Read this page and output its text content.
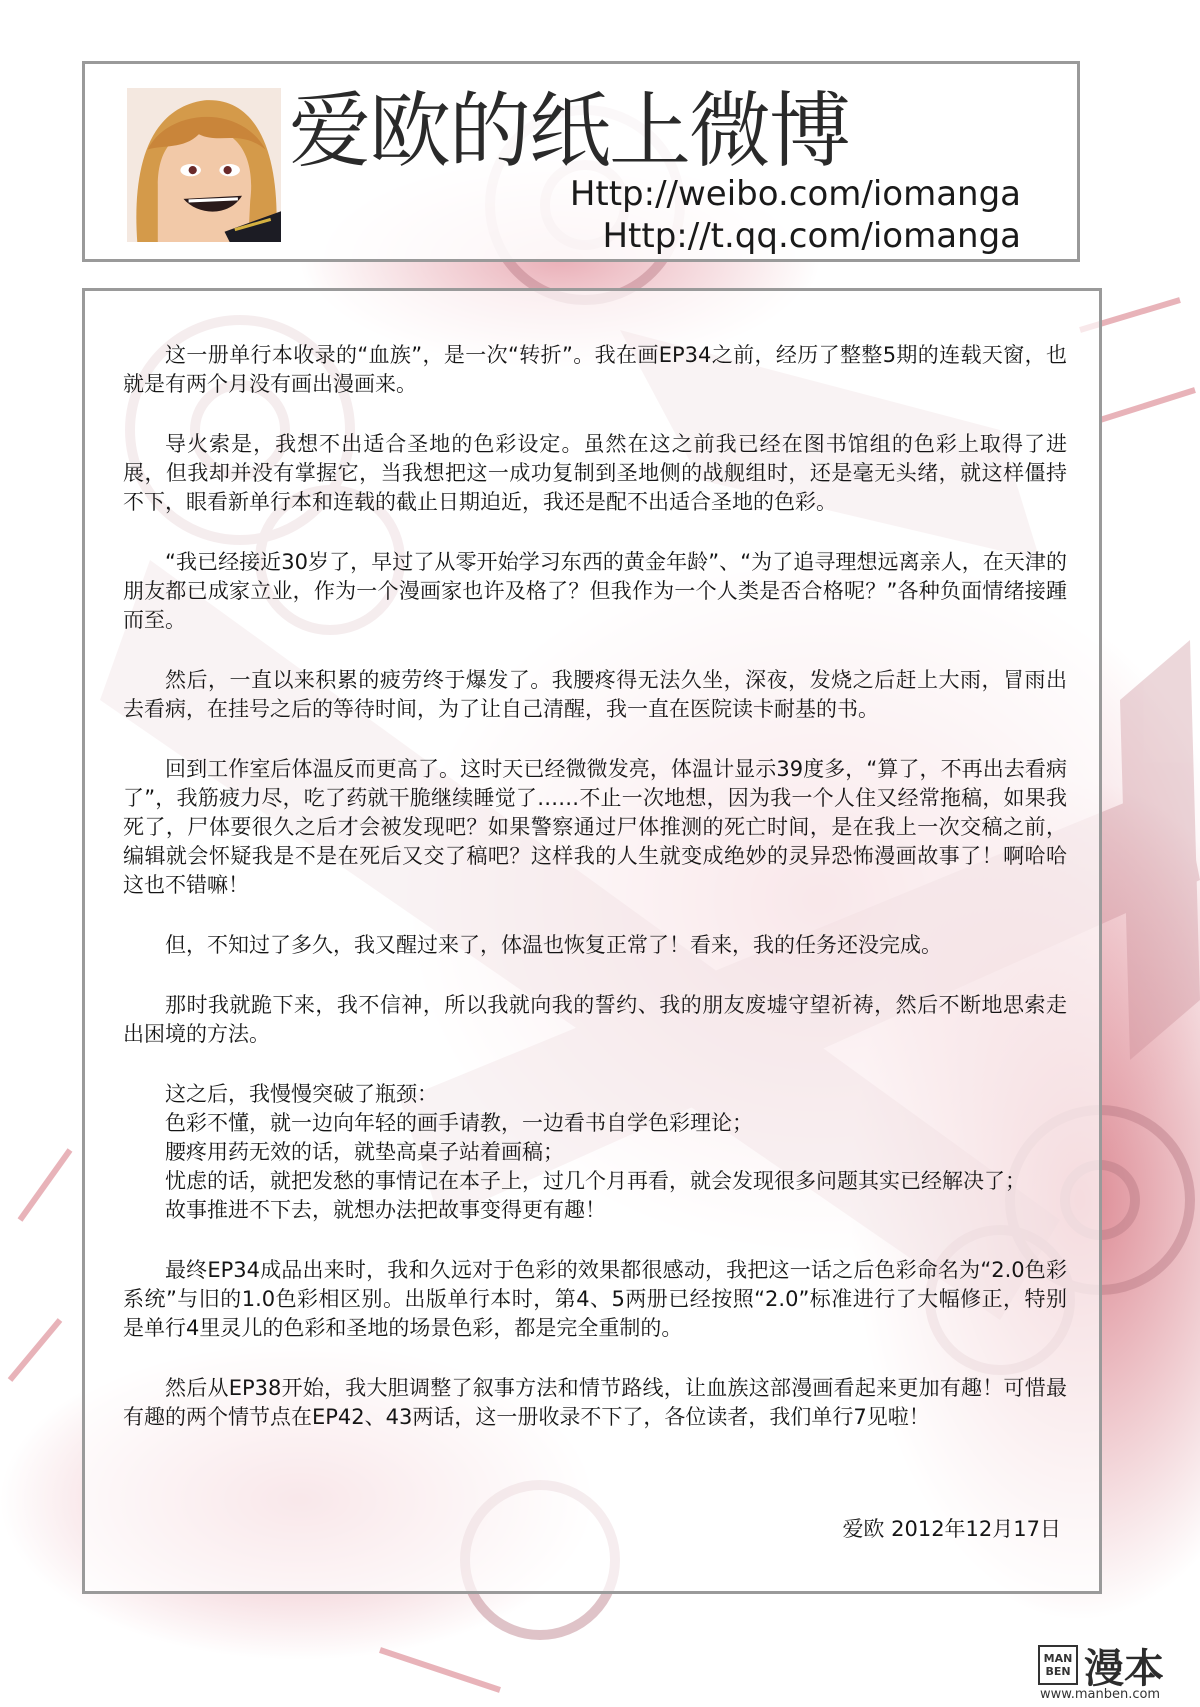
爱欧的纸上微博
Http://weibo.com/iomanga
Http://t.qq.com/iomanga

这一册单行本收录的“血族”，是一次“转折”。我在画EP34之前，经历了整整5期的连载天窗，也就是有两个月没有画出漫画来。

导火索是，我想不出适合圣地的色彩设定。虽然在这之前我已经在图书馆组的色彩上取得了进展，但我却并没有掌握它，当我想把这一成功复制到圣地侧的战舰组时，还是毫无头绪，就这样僵持不下，眼看新单行本和连载的截止日期迫近，我还是配不出适合圣地的色彩。

“我已经接近30岁了，早过了从零开始学习东西的黄金年龄”、“为了追寻理想远离亲人，在天津的朋友都已成家立业，作为一个漫画家也许及格了？但我作为一个人类是否合格呢？”各种负面情绪接踵而至。

然后，一直以来积累的疲劳终于爆发了。我腰疼得无法久坐，深夜，发烧之后赶上大雨，冒雨出去看病，在挂号之后的等待时间，为了让自己清醒，我一直在医院读卡耐基的书。

回到工作室后体温反而更高了。这时天已经微微发亮，体温计显示39度多，“算了，不再出去看病了”，我筋疲力尽，吃了药就干脆继续睡觉了……不止一次地想，因为我一个人住又经常拖稿，如果我死了，尸体要很久之后才会被发现吧？如果警察通过尸体推测的死亡时间，是在我上一次交稿之前，编辑就会怀疑我是不是在死后又交了稿吧？这样我的人生就变成绝妙的灵异恐怖漫画故事了！啊哈哈这也不错嘛！

但，不知过了多久，我又醒过来了，体温也恢复正常了！看来，我的任务还没完成。

那时我就跪下来，我不信神，所以我就向我的誓约、我的朋友废墟守望祈祷，然后不断地思索走出困境的方法。

这之后，我慢慢突破了瓶颈：

色彩不懂，就一边向年轻的画手请教，一边看书自学色彩理论；

腰疼用药无效的话，就垫高桌子站着画稿；

忧虑的话，就把发愁的事情记在本子上，过几个月再看，就会发现很多问题其实已经解决了；

故事推进不下去，就想办法把故事变得更有趣！

最终EP34成品出来时，我和久远对于色彩的效果都很感动，我把这一话之后色彩命名为“2.0色彩系统”与旧的1.0色彩相区别。出版单行本时，第4、5两册已经按照“2.0”标准进行了大幅修正，特别是单行4里灵儿的色彩和圣地的场景色彩，都是完全重制的。

然后从EP38开始，我大胆调整了叙事方法和情节路线，让血族这部漫画看起来更加有趣！可惜最有趣的两个情节点在EP42、43两话，这一册收录不下了，各位读者，我们单行7见啦！

爱欧 2012年12月17日
MAN BEN 漫本
www.manben.com
